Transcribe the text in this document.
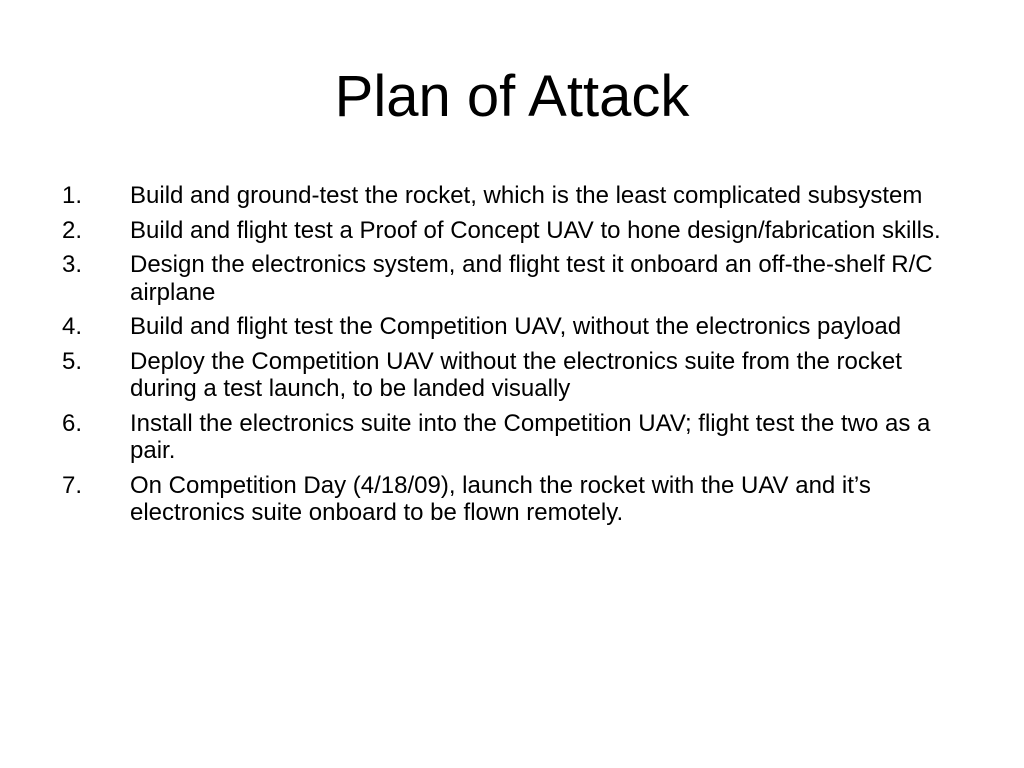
Plan of Attack
1. Build and ground-test the rocket, which is the least complicated subsystem
2. Build and flight test a Proof of Concept UAV to hone design/fabrication skills.
3. Design the electronics system, and flight test it onboard an off-the-shelf R/C airplane
4. Build and flight test the Competition UAV, without the electronics payload
5. Deploy the Competition UAV without the electronics suite from the rocket during a test launch, to be landed visually
6. Install the electronics suite into the Competition UAV; flight test the two as a pair.
7. On Competition Day (4/18/09), launch the rocket with the UAV and it’s electronics suite onboard to be flown remotely.
